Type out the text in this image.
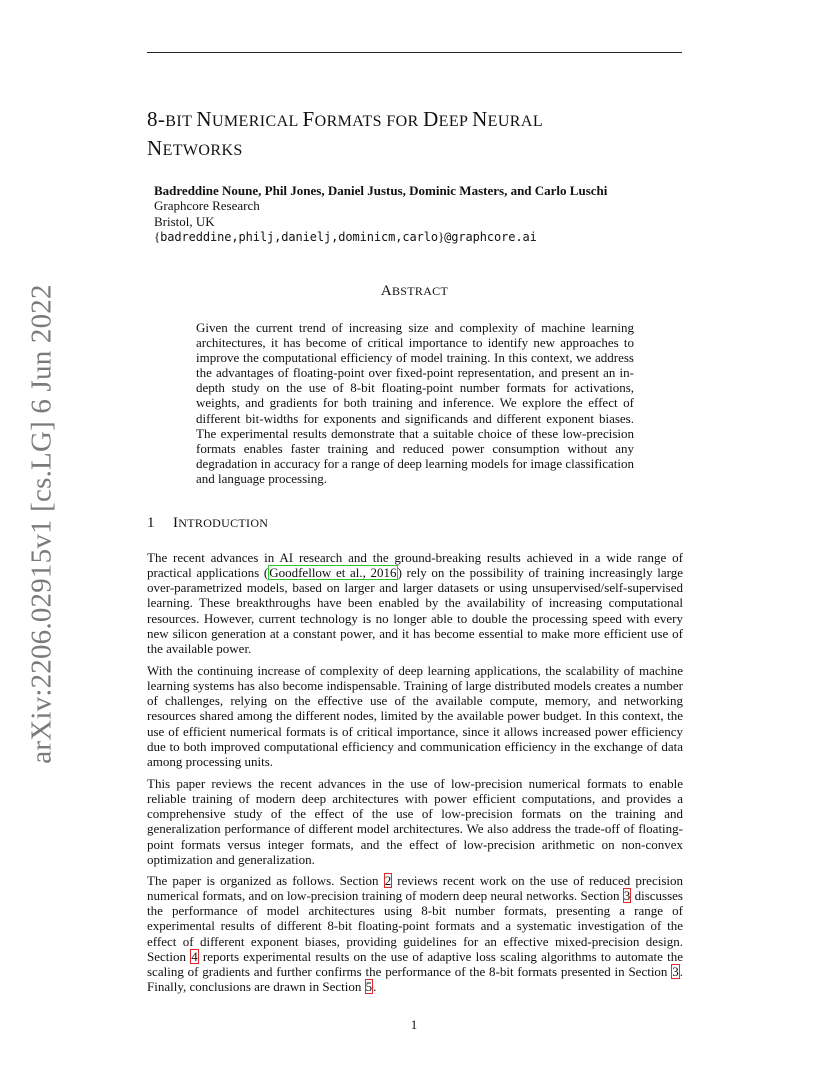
arXiv:2206.02915v1 [cs.LG] 6 Jun 2022
8-BIT NUMERICAL FORMATS FOR DEEP NEURAL
NETWORKS
Badreddine Noune, Phil Jones, Daniel Justus, Dominic Masters, and Carlo Luschi
Graphcore Research
Bristol, UK
{badreddine,philj,danielj,dominicm,carlo}@graphcore.ai
ABSTRACT

Given the current trend of increasing size and complexity of machine learning architectures, it has become of critical importance to identify new approaches to improve the computational efficiency of model training. In this context, we address the advantages of floating-point over fixed-point representation, and present an in-depth study on the use of 8-bit floating-point number formats for activations, weights, and gradients for both training and inference. We explore the effect of different bit-widths for exponents and significands and different exponent biases. The experimental results demonstrate that a suitable choice of these low-precision formats enables faster training and reduced power consumption without any degradation in accuracy for a range of deep learning models for image classification and language processing.

1 INTRODUCTION

The recent advances in AI research and the ground-breaking results achieved in a wide range of practical applications (Goodfellow et al., 2016) rely on the possibility of training increasingly large over-parametrized models, based on larger and larger datasets or using unsupervised/self-supervised learning. These breakthroughs have been enabled by the availability of increasing computational resources. However, current technology is no longer able to double the processing speed with every new silicon generation at a constant power, and it has become essential to make more efficient use of the available power.

With the continuing increase of complexity of deep learning applications, the scalability of machine learning systems has also become indispensable. Training of large distributed models creates a number of challenges, relying on the effective use of the available compute, memory, and networking resources shared among the different nodes, limited by the available power budget. In this context, the use of efficient numerical formats is of critical importance, since it allows increased power efficiency due to both improved computational efficiency and communication efficiency in the exchange of data among processing units.

This paper reviews the recent advances in the use of low-precision numerical formats to enable reliable training of modern deep architectures with power efficient computations, and provides a comprehensive study of the effect of the use of low-precision formats on the training and generalization performance of different model architectures. We also address the trade-off of floating-point formats versus integer formats, and the effect of low-precision arithmetic on non-convex optimization and generalization.

The paper is organized as follows. Section 2 reviews recent work on the use of reduced precision numerical formats, and on low-precision training of modern deep neural networks. Section 3 discusses the performance of model architectures using 8-bit number formats, presenting a range of experimental results of different 8-bit floating-point formats and a systematic investigation of the effect of different exponent biases, providing guidelines for an effective mixed-precision design. Section 4 reports experimental results on the use of adaptive loss scaling algorithms to automate the scaling of gradients and further confirms the performance of the 8-bit formats presented in Section 3. Finally, conclusions are drawn in Section 5.

1
